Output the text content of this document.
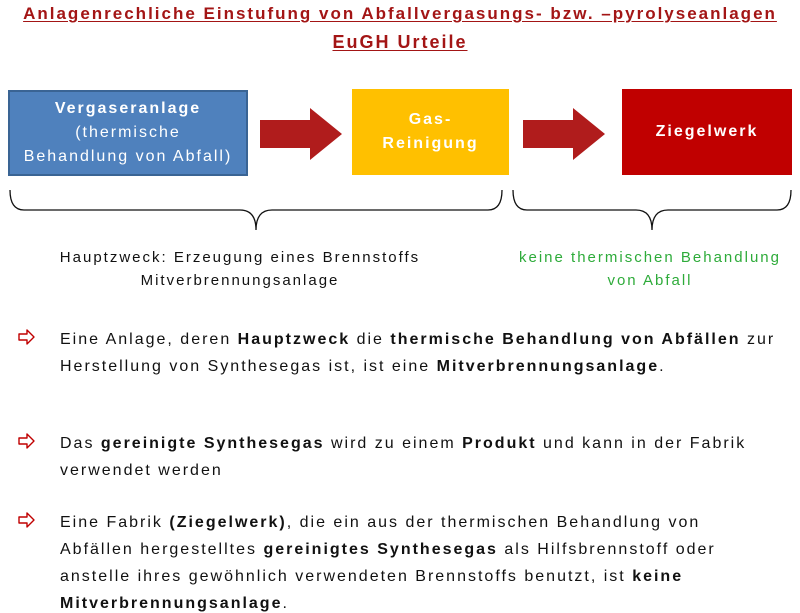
Anlagenrechliche Einstufung von Abfallvergasungs- bzw. –pyrolyseanlagen
EuGH Urteile
Vergaseranlage
(thermische
Behandlung von Abfall)
Gas-
Reinigung
Ziegelwerk
Hauptzweck: Erzeugung eines Brennstoffs
Mitverbrennungsanlage
keine thermischen Behandlung
von Abfall
Eine Anlage, deren Hauptzweck die thermische Behandlung von Abfällen zur Herstellung von Synthesegas ist, ist eine Mitverbrennungsanlage.
Das gereinigte Synthesegas wird zu einem Produkt und kann in der Fabrik verwendet werden
Eine Fabrik (Ziegelwerk), die ein aus der thermischen Behandlung von Abfällen hergestelltes gereinigtes Synthesegas als Hilfsbrennstoff oder anstelle ihres gewöhnlich verwendeten Brennstoffs benutzt, ist keine Mitverbrennungsanlage.
